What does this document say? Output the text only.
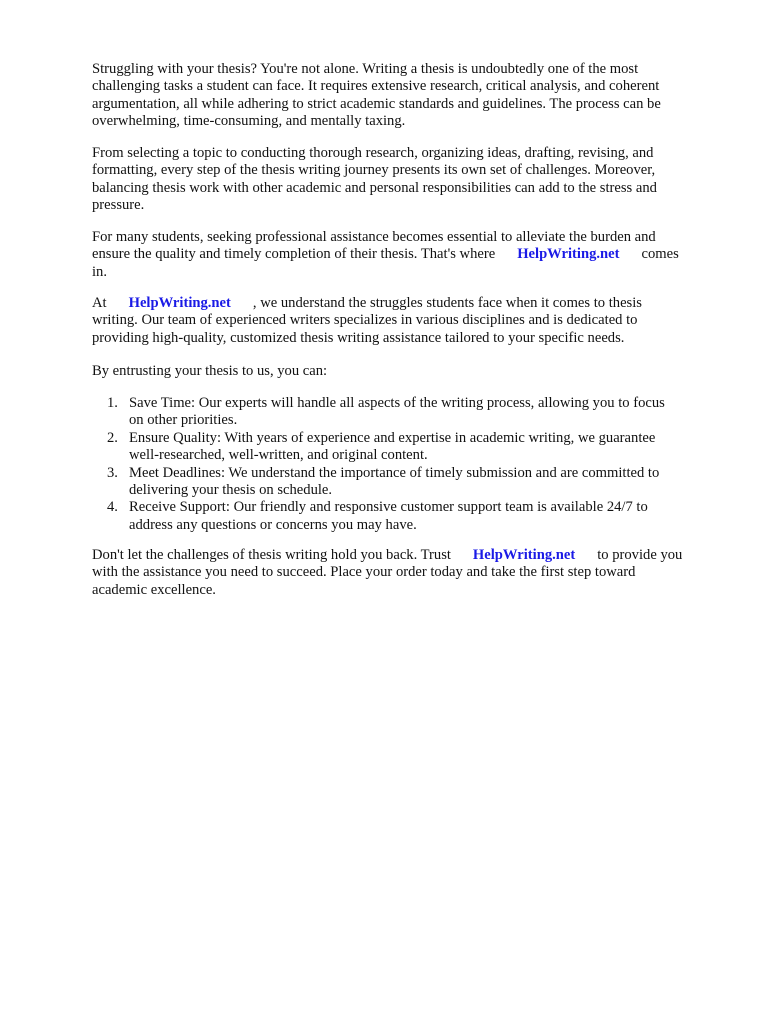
Struggling with your thesis? You're not alone. Writing a thesis is undoubtedly one of the most
challenging tasks a student can face. It requires extensive research, critical analysis, and coherent
argumentation, all while adhering to strict academic standards and guidelines. The process can be
overwhelming, time-consuming, and mentally taxing.

From selecting a topic to conducting thorough research, organizing ideas, drafting, revising, and
formatting, every step of the thesis writing journey presents its own set of challenges. Moreover,
balancing thesis work with other academic and personal responsibilities can add to the stress and
pressure.

For many students, seeking professional assistance becomes essential to alleviate the burden and
ensure the quality and timely completion of their thesis. That's where HelpWriting.net comes
in.

At HelpWriting.net , we understand the struggles students face when it comes to thesis
writing. Our team of experienced writers specializes in various disciplines and is dedicated to
providing high-quality, customized thesis writing assistance tailored to your specific needs.

By entrusting your thesis to us, you can:

1. Save Time: Our experts will handle all aspects of the writing process, allowing you to focus
on other priorities.
2. Ensure Quality: With years of experience and expertise in academic writing, we guarantee
well-researched, well-written, and original content.
3. Meet Deadlines: We understand the importance of timely submission and are committed to
delivering your thesis on schedule.
4. Receive Support: Our friendly and responsive customer support team is available 24/7 to
address any questions or concerns you may have.

Don't let the challenges of thesis writing hold you back. Trust HelpWriting.net to provide you
with the assistance you need to succeed. Place your order today and take the first step toward
academic excellence.
